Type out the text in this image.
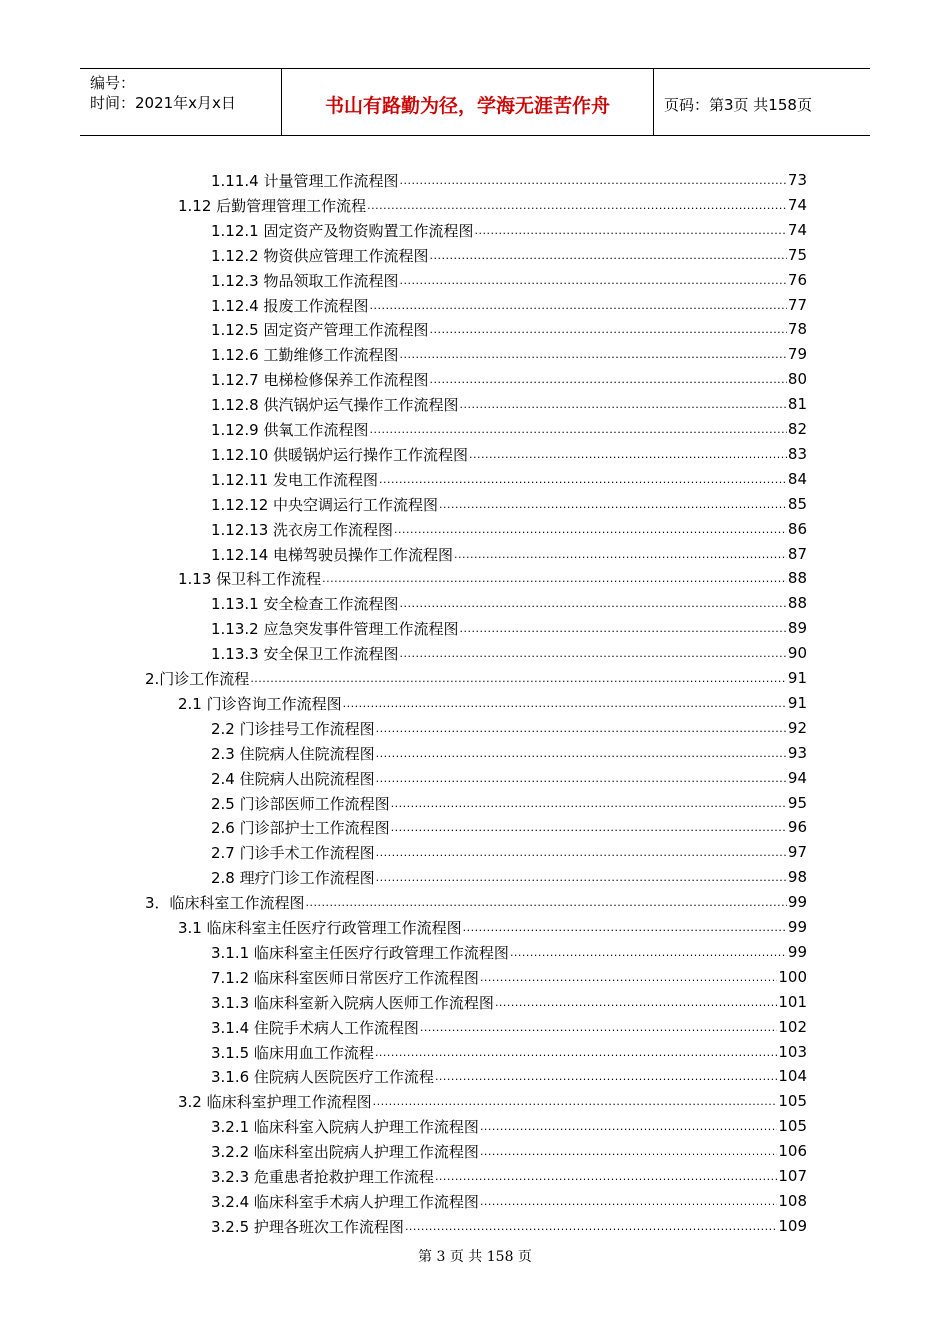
编号：
时间：2021年x月x日	书山有路勤为径，学海无涯苦作舟	页码：第3页 共158页
1.11.4 计量管理工作流程图 .....	73
1.12 后勤管理管理工作流程 .....	74
1.12.1 固定资产及物资购置工作流程图 .....	74
1.12.2 物资供应管理工作流程图 .....	75
1.12.3 物品领取工作流程图 .....	76
1.12.4 报废工作流程图 .....	77
1.12.5 固定资产管理工作流程图 .....	78
1.12.6 工勤维修工作流程图 .....	79
1.12.7 电梯检修保养工作流程图 .....	80
1.12.8 供汽锅炉运气操作工作流程图 .....	81
1.12.9 供氧工作流程图 .....	82
1.12.10 供暖锅炉运行操作工作流程图 .....	83
1.12.11 发电工作流程图 .....	84
1.12.12 中央空调运行工作流程图 .....	85
1.12.13 洗衣房工作流程图 .....	86
1.12.14 电梯驾驶员操作工作流程图 .....	87
1.13 保卫科工作流程 .....	88
1.13.1 安全检查工作流程图 .....	88
1.13.2 应急突发事件管理工作流程图 .....	89
1.13.3 安全保卫工作流程图 .....	90
2.门诊工作流程 .....	91
2.1 门诊咨询工作流程图 .....	91
2.2 门诊挂号工作流程图 .....	92
2.3 住院病人住院流程图 .....	93
2.4 住院病人出院流程图 .....	94
2.5 门诊部医师工作流程图 .....	95
2.6 门诊部护士工作流程图 .....	96
2.7 门诊手术工作流程图 .....	97
2.8 理疗门诊工作流程图 .....	98
3．临床科室工作流程图 .....	99
3.1 临床科室主任医疗行政管理工作流程图 .....	99
3.1.1 临床科室主任医疗行政管理工作流程图 .....	99
7.1.2 临床科室医师日常医疗工作流程图 .....	100
3.1.3 临床科室新入院病人医师工作流程图 .....	101
3.1.4 住院手术病人工作流程图 .....	102
3.1.5 临床用血工作流程 .....	103
3.1.6 住院病人医院医疗工作流程 .....	104
3.2 临床科室护理工作流程图 .....	105
3.2.1 临床科室入院病人护理工作流程图 .....	105
3.2.2 临床科室出院病人护理工作流程图 .....	106
3.2.3 危重患者抢救护理工作流程 .....	107
3.2.4 临床科室手术病人护理工作流程图 .....	108
3.2.5 护理各班次工作流程图 .....	109
第 3 页 共 158 页
